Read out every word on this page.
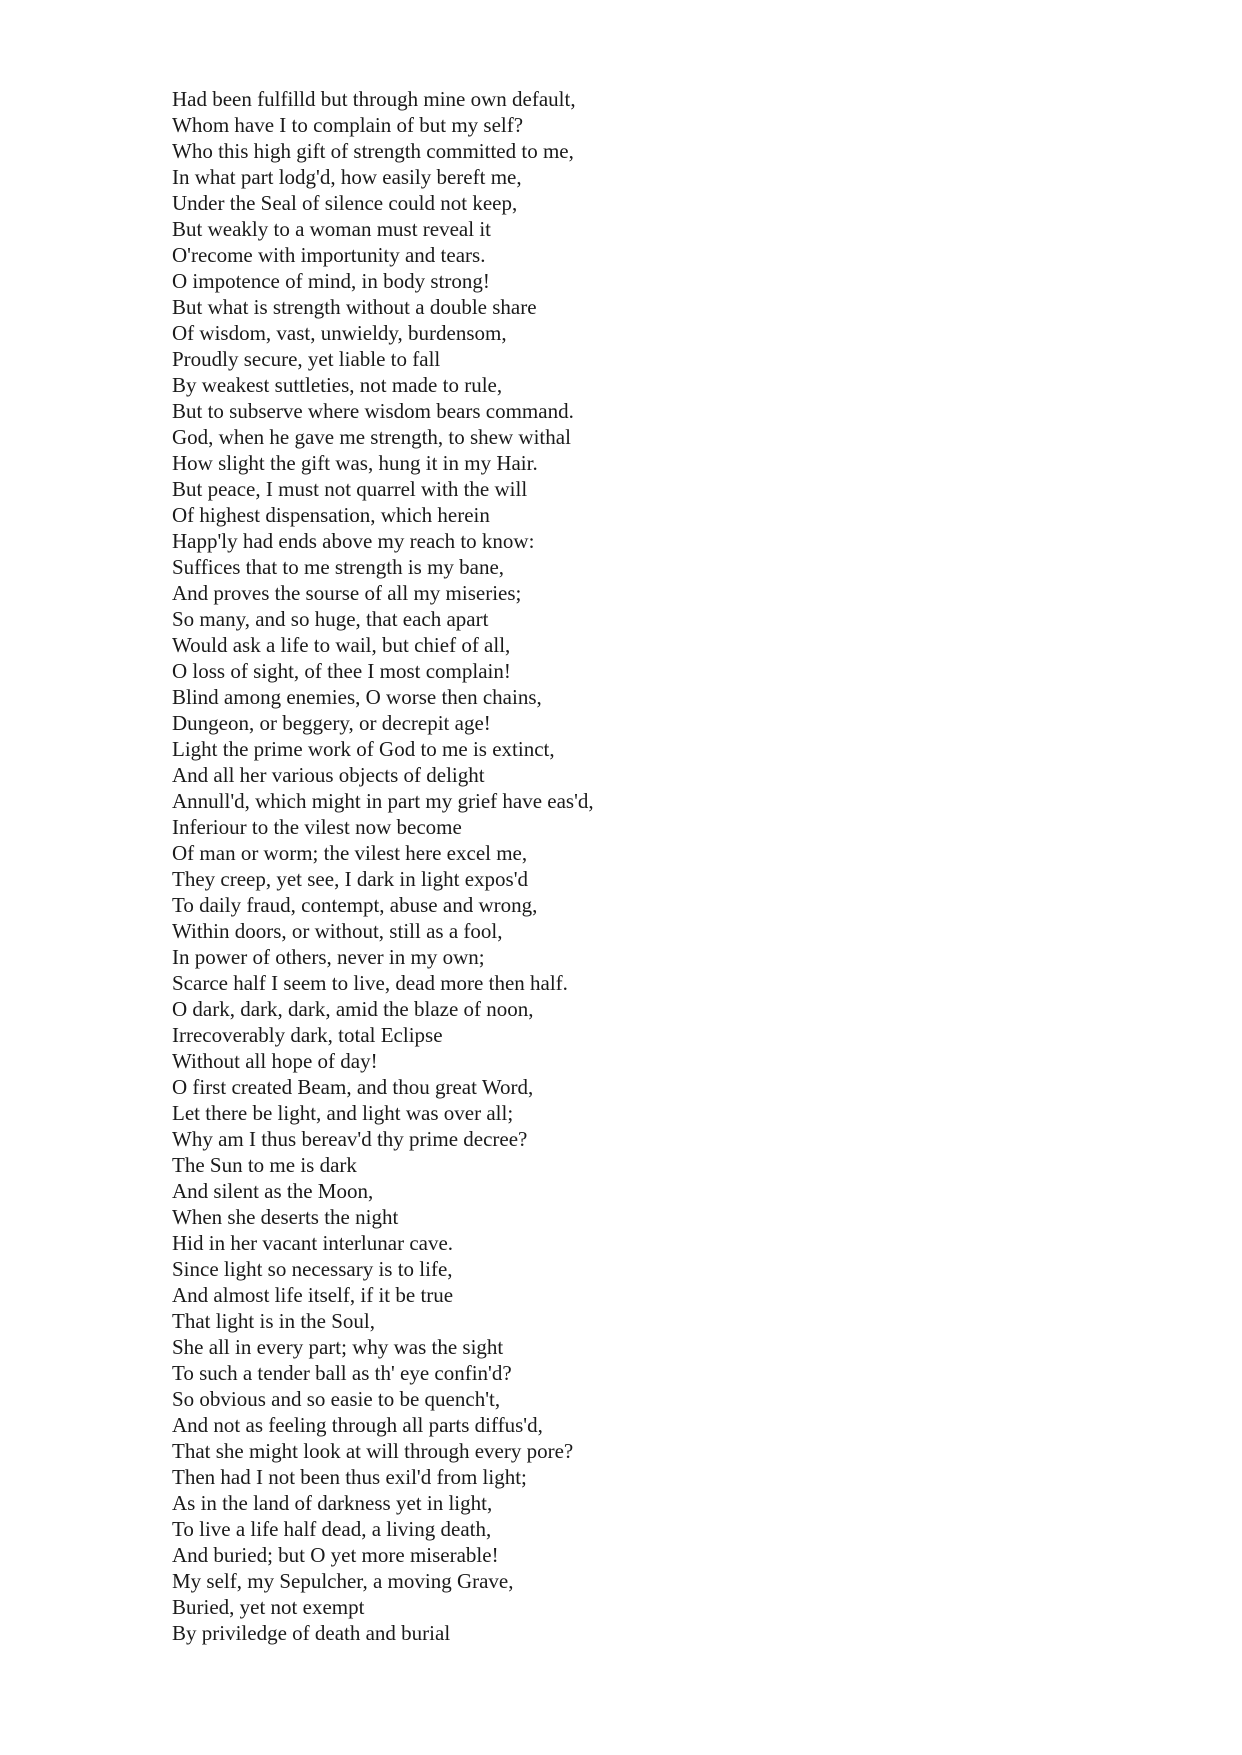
Had been fulfilld but through mine own default,
Whom have I to complain of but my self?
Who this high gift of strength committed to me,
In what part lodg'd, how easily bereft me,
Under the Seal of silence could not keep,
But weakly to a woman must reveal it
O'recome with importunity and tears.
O impotence of mind, in body strong!
But what is strength without a double share
Of wisdom, vast, unwieldy, burdensom,
Proudly secure, yet liable to fall
By weakest suttleties, not made to rule,
But to subserve where wisdom bears command.
God, when he gave me strength, to shew withal
How slight the gift was, hung it in my Hair.
But peace, I must not quarrel with the will
Of highest dispensation, which herein
Happ'ly had ends above my reach to know:
Suffices that to me strength is my bane,
And proves the sourse of all my miseries;
So many, and so huge, that each apart
Would ask a life to wail, but chief of all,
O loss of sight, of thee I most complain!
Blind among enemies, O worse then chains,
Dungeon, or beggery, or decrepit age!
Light the prime work of God to me is extinct,
And all her various objects of delight
Annull'd, which might in part my grief have eas'd,
Inferiour to the vilest now become
Of man or worm; the vilest here excel me,
They creep, yet see, I dark in light expos'd
To daily fraud, contempt, abuse and wrong,
Within doors, or without, still as a fool,
In power of others, never in my own;
Scarce half I seem to live, dead more then half.
O dark, dark, dark, amid the blaze of noon,
Irrecoverably dark, total Eclipse
Without all hope of day!
O first created Beam, and thou great Word,
Let there be light, and light was over all;
Why am I thus bereav'd thy prime decree?
The Sun to me is dark
And silent as the Moon,
When she deserts the night
Hid in her vacant interlunar cave.
Since light so necessary is to life,
And almost life itself, if it be true
That light is in the Soul,
She all in every part; why was the sight
To such a tender ball as th' eye confin'd?
So obvious and so easie to be quench't,
And not as feeling through all parts diffus'd,
That she might look at will through every pore?
Then had I not been thus exil'd from light;
As in the land of darkness yet in light,
To live a life half dead, a living death,
And buried; but O yet more miserable!
My self, my Sepulcher, a moving Grave,
Buried, yet not exempt
By priviledge of death and burial
